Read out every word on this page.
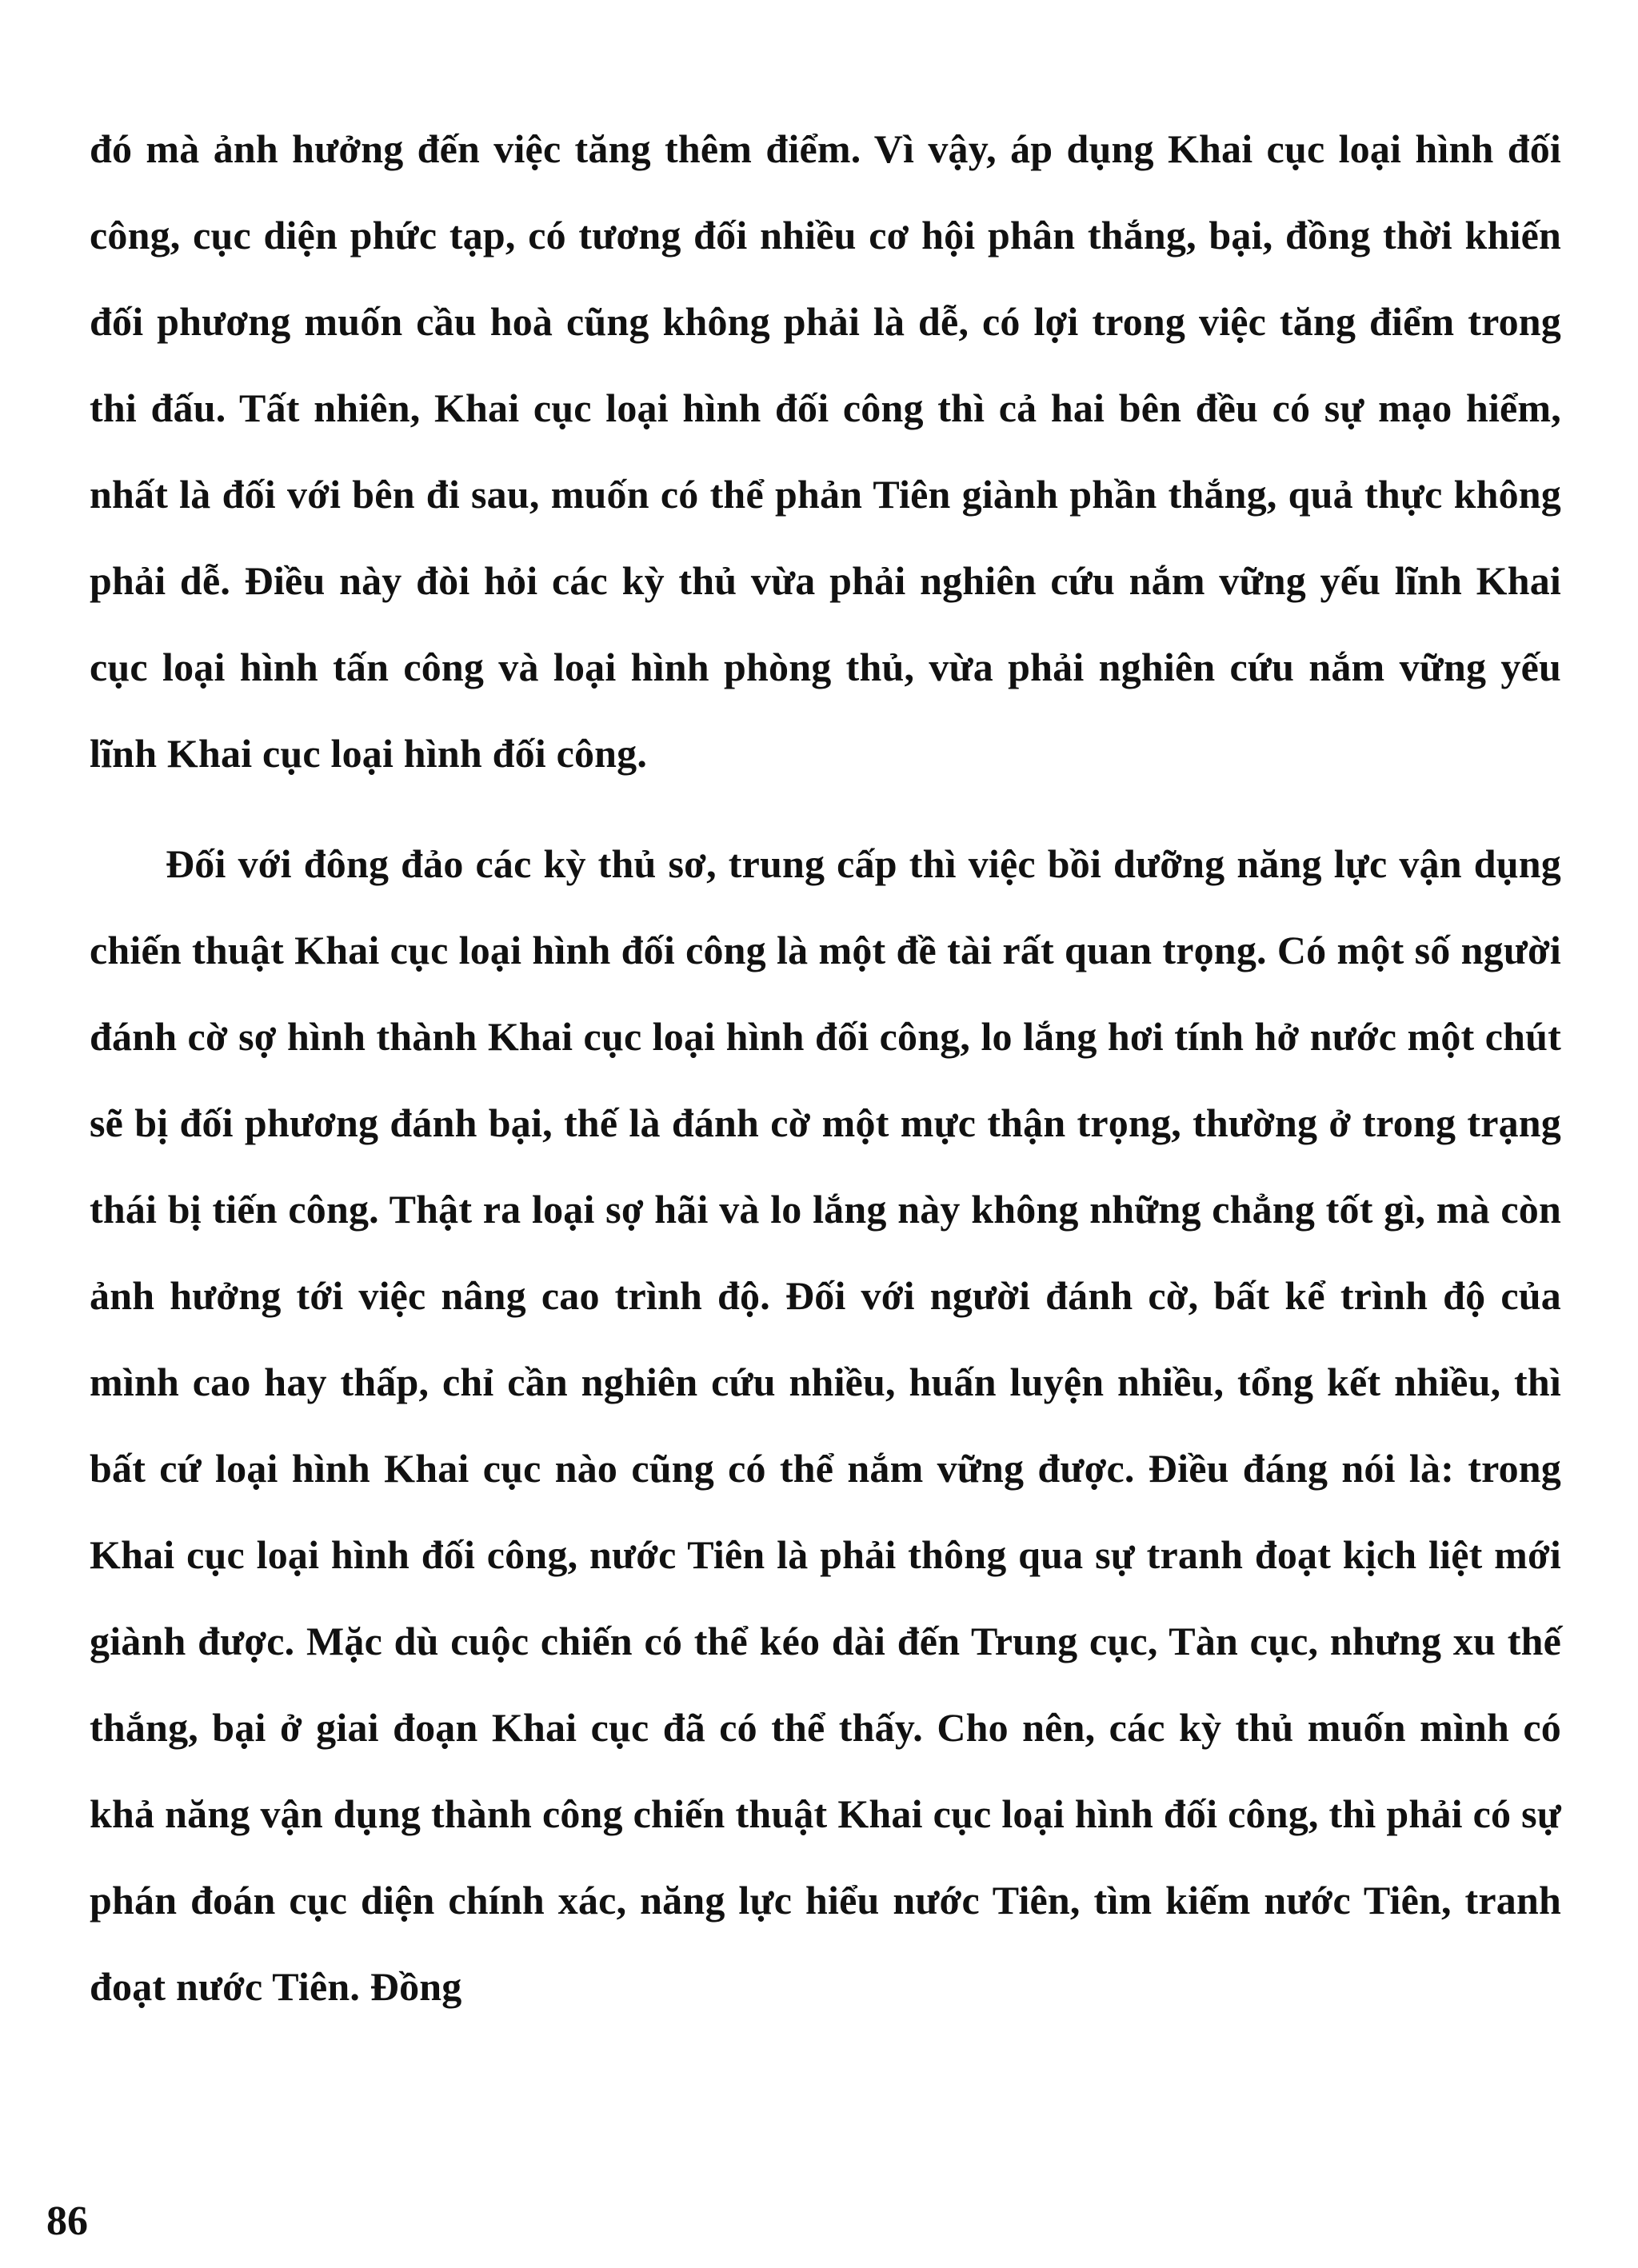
đó mà ảnh hưởng đến việc tăng thêm điểm. Vì vậy, áp dụng Khai cục loại hình đối công, cục diện phức tạp, có tương đối nhiều cơ hội phân thắng, bại, đồng thời khiến đối phương muốn cầu hoà cũng không phải là dễ, có lợi trong việc tăng điểm trong thi đấu. Tất nhiên, Khai cục loại hình đối công thì cả hai bên đều có sự mạo hiểm, nhất là đối với bên đi sau, muốn có thể phản Tiên giành phần thắng, quả thực không phải dễ. Điều này đòi hỏi các kỳ thủ vừa phải nghiên cứu nắm vững yếu lĩnh Khai cục loại hình tấn công và loại hình phòng thủ, vừa phải nghiên cứu nắm vững yếu lĩnh Khai cục loại hình đối công.

Đối với đông đảo các kỳ thủ sơ, trung cấp thì việc bồi dưỡng năng lực vận dụng chiến thuật Khai cục loại hình đối công là một đề tài rất quan trọng. Có một số người đánh cờ sợ hình thành Khai cục loại hình đối công, lo lắng hơi tính hở nước một chút sẽ bị đối phương đánh bại, thế là đánh cờ một mực thận trọng, thường ở trong trạng thái bị tiến công. Thật ra loại sợ hãi và lo lắng này không những chẳng tốt gì, mà còn ảnh hưởng tới việc nâng cao trình độ. Đối với người đánh cờ, bất kể trình độ của mình cao hay thấp, chỉ cần nghiên cứu nhiều, huấn luyện nhiều, tổng kết nhiều, thì bất cứ loại hình Khai cục nào cũng có thể nắm vững được. Điều đáng nói là: trong Khai cục loại hình đối công, nước Tiên là phải thông qua sự tranh đoạt kịch liệt mới giành được. Mặc dù cuộc chiến có thể kéo dài đến Trung cục, Tàn cục, nhưng xu thế thắng, bại ở giai đoạn Khai cục đã có thể thấy. Cho nên, các kỳ thủ muốn mình có khả năng vận dụng thành công chiến thuật Khai cục loại hình đối công, thì phải có sự phán đoán cục diện chính xác, năng lực hiểu nước Tiên, tìm kiếm nước Tiên, tranh đoạt nước Tiên. Đồng

86
